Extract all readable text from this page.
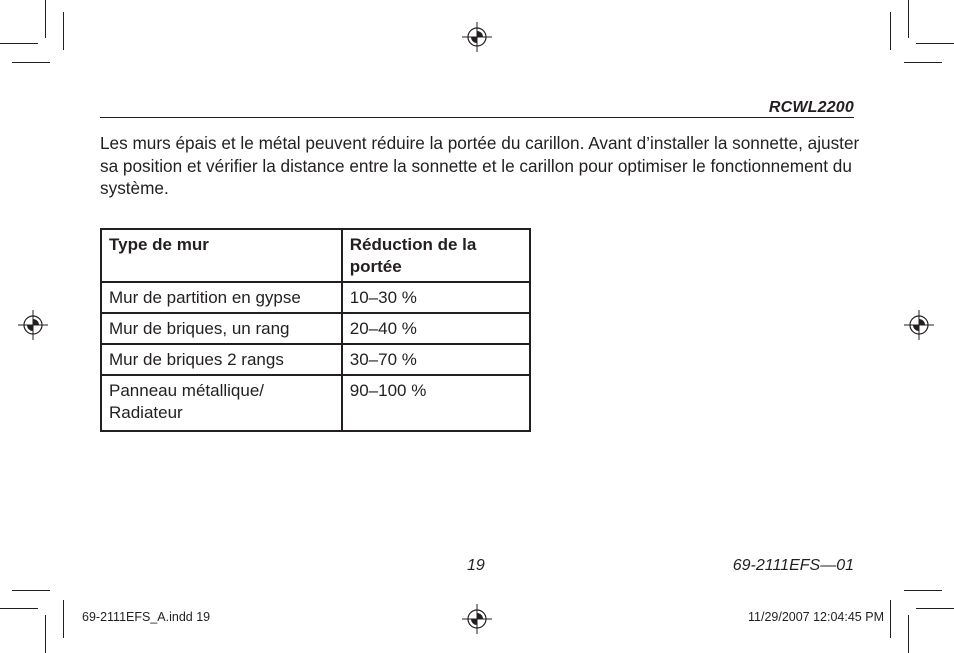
RCWL2200

Les murs épais et le métal peuvent réduire la portée du carillon. Avant d’installer la sonnette, ajuster sa position et vérifier la distance entre la sonnette et le carillon pour optimiser le fonctionnement du système.

Type de mur	Réduction de la portée
Mur de partition en gypse	10–30 %
Mur de briques, un rang	20–40 %
Mur de briques 2 rangs	30–70 %
Panneau métallique/ Radiateur	90–100 %
19	69-2111EFS—01
69-2111EFS_A.indd 19	11/29/2007 12:04:45 PM
